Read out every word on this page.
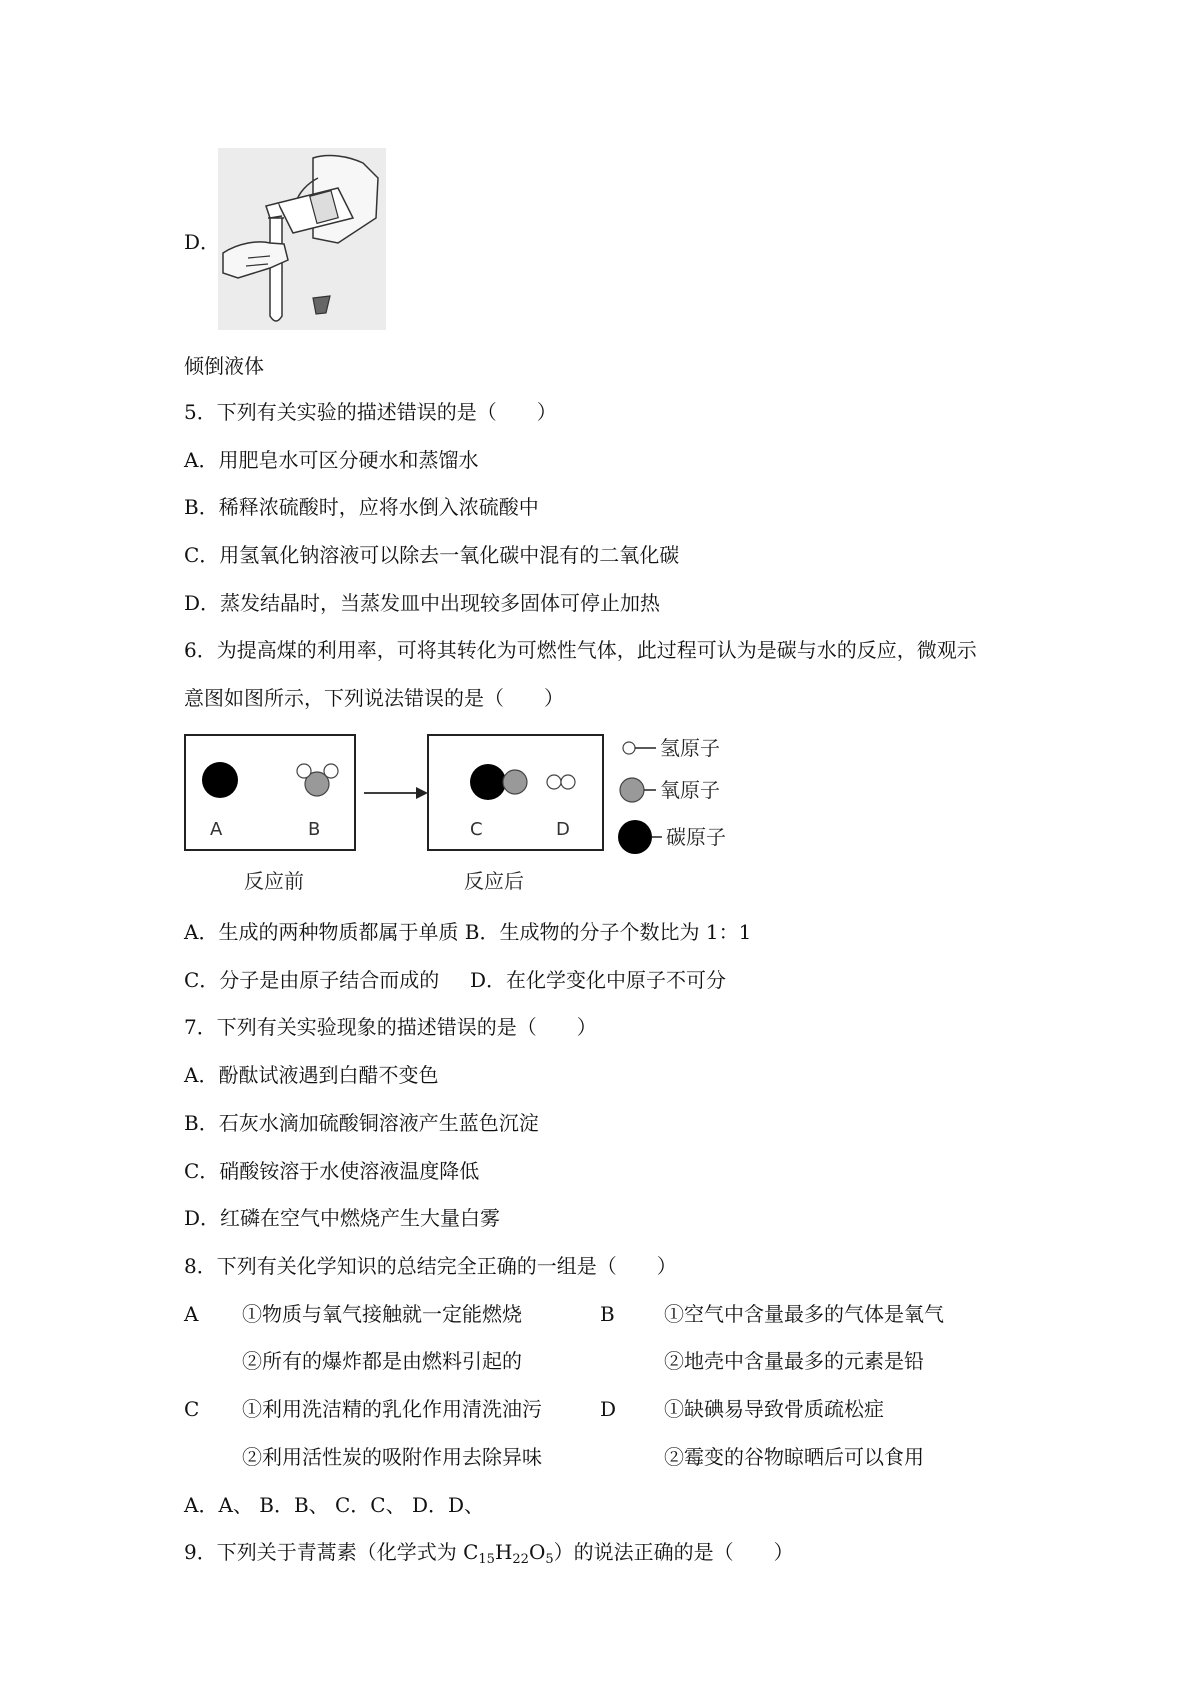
D．
倾倒液体
5．下列有关实验的描述错误的是（　　）
A．用肥皂水可区分硬水和蒸馏水
B．稀释浓硫酸时，应将水倒入浓硫酸中
C．用氢氧化钠溶液可以除去一氧化碳中混有的二氧化碳
D．蒸发结晶时，当蒸发皿中出现较多固体可停止加热
6．为提高煤的利用率，可将其转化为可燃性气体，此过程可认为是碳与水的反应，微观示
意图如图所示，下列说法错误的是（　　）
A	B	C	D
反应前	反应后
氢原子
氧原子
碳原子
A．生成的两种物质都属于单质 B．生成物的分子个数比为 1：1
C．分子是由原子结合而成的 D．在化学变化中原子不可分
7．下列有关实验现象的描述错误的是（　　）
A．酚酞试液遇到白醋不变色
B．石灰水滴加硫酸铜溶液产生蓝色沉淀
C．硝酸铵溶于水使溶液温度降低
D．红磷在空气中燃烧产生大量白雾
8．下列有关化学知识的总结完全正确的一组是（　　）
A ①物质与氧气接触就一定能燃烧
②所有的爆炸都是由燃料引起的
B ①空气中含量最多的气体是氧气
②地壳中含量最多的元素是铅
C ①利用洗洁精的乳化作用清洗油污
②利用活性炭的吸附作用去除异味
D ①缺碘易导致骨质疏松症
②霉变的谷物晾晒后可以食用
A．A、 B．B、 C．C、 D．D、
9．下列关于青蒿素（化学式为 $C_{15}H_{22}O_5$）的说法正确的是（　　）
